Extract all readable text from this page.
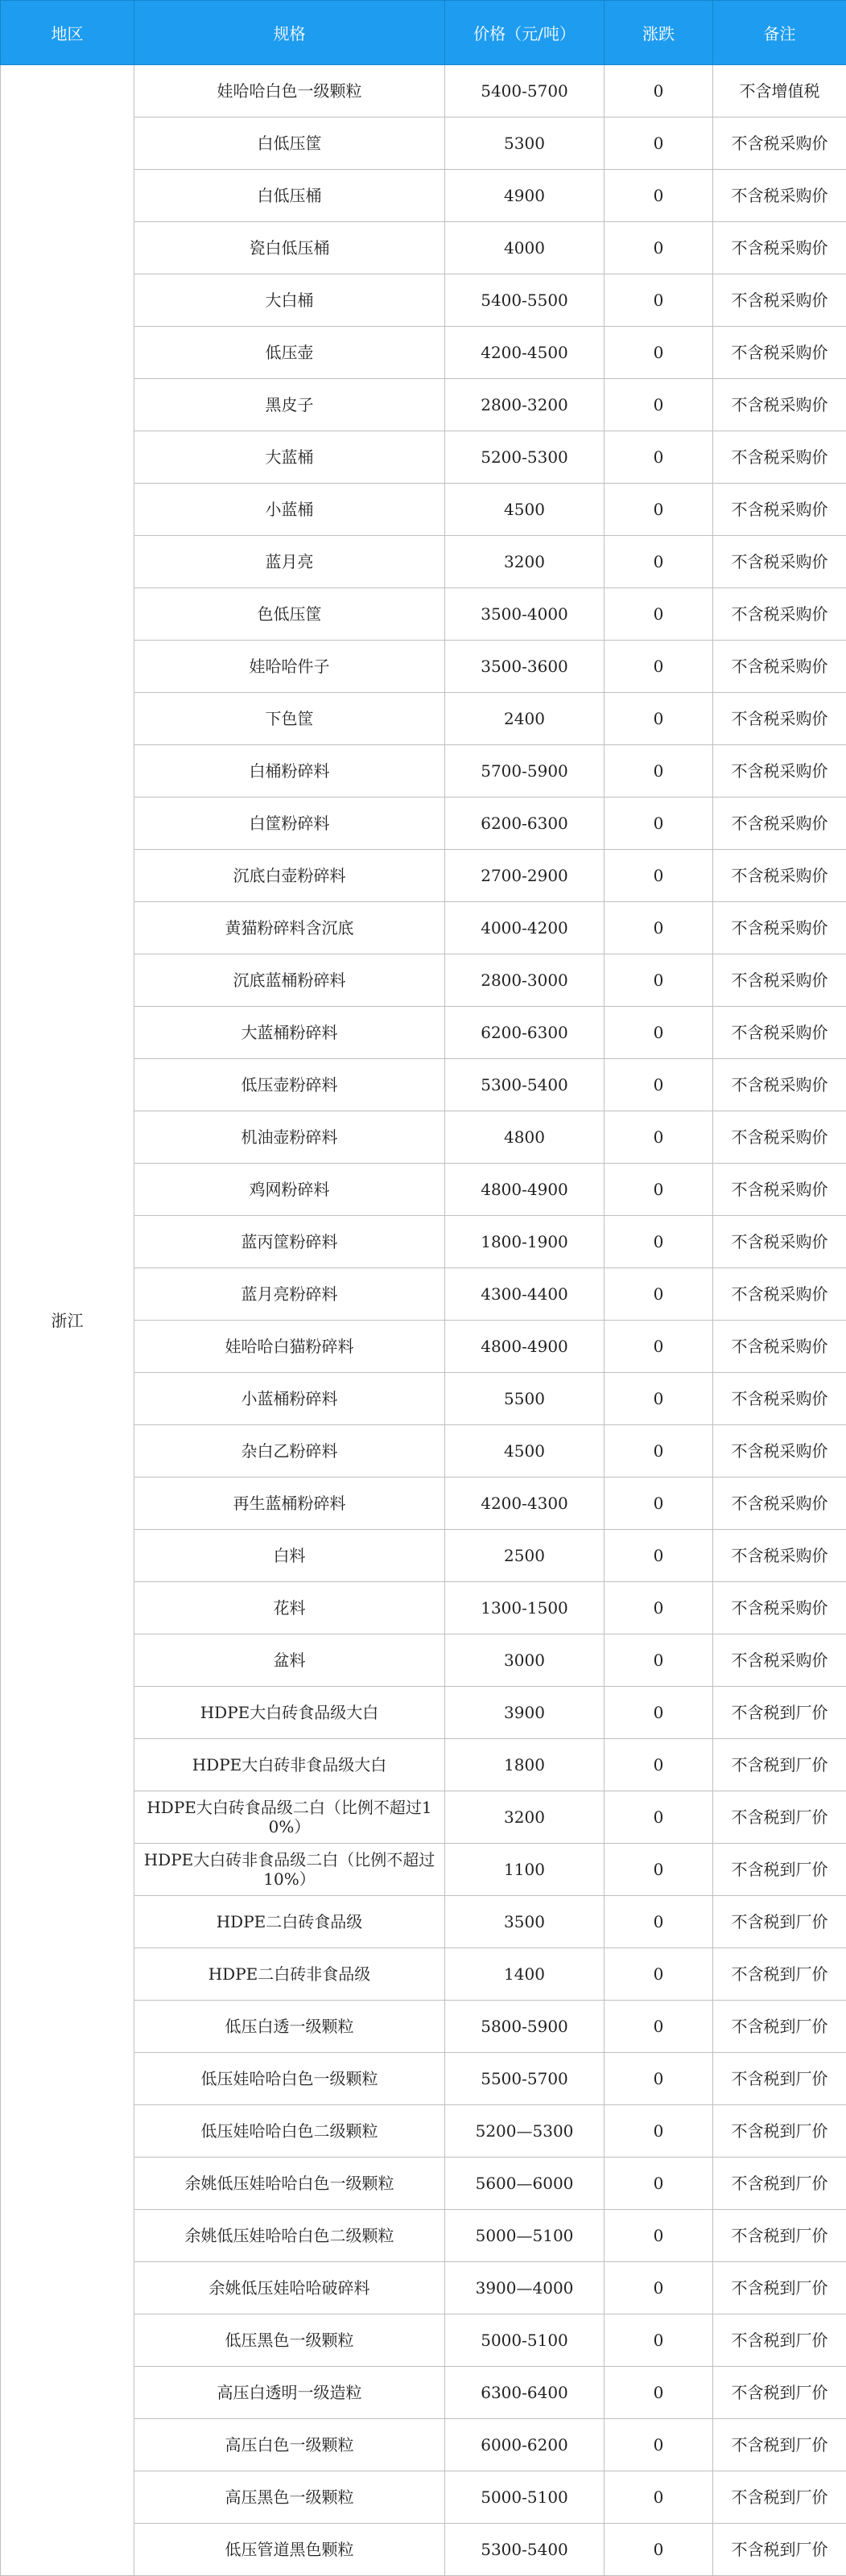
地区	规格	价格（元/吨）	涨跌	备注
浙江	娃哈哈白色一级颗粒	5400-5700	0	不含增值税
	白低压筐	5300	0	不含税采购价
	白低压桶	4900	0	不含税采购价
	瓷白低压桶	4000	0	不含税采购价
	大白桶	5400-5500	0	不含税采购价
	低压壶	4200-4500	0	不含税采购价
	黑皮子	2800-3200	0	不含税采购价
	大蓝桶	5200-5300	0	不含税采购价
	小蓝桶	4500	0	不含税采购价
	蓝月亮	3200	0	不含税采购价
	色低压筐	3500-4000	0	不含税采购价
	娃哈哈件子	3500-3600	0	不含税采购价
	下色筐	2400	0	不含税采购价
	白桶粉碎料	5700-5900	0	不含税采购价
	白筐粉碎料	6200-6300	0	不含税采购价
	沉底白壶粉碎料	2700-2900	0	不含税采购价
	黄猫粉碎料含沉底	4000-4200	0	不含税采购价
	沉底蓝桶粉碎料	2800-3000	0	不含税采购价
	大蓝桶粉碎料	6200-6300	0	不含税采购价
	低压壶粉碎料	5300-5400	0	不含税采购价
	机油壶粉碎料	4800	0	不含税采购价
	鸡网粉碎料	4800-4900	0	不含税采购价
	蓝丙筐粉碎料	1800-1900	0	不含税采购价
	蓝月亮粉碎料	4300-4400	0	不含税采购价
	娃哈哈白猫粉碎料	4800-4900	0	不含税采购价
	小蓝桶粉碎料	5500	0	不含税采购价
	杂白乙粉碎料	4500	0	不含税采购价
	再生蓝桶粉碎料	4200-4300	0	不含税采购价
	白料	2500	0	不含税采购价
	花料	1300-1500	0	不含税采购价
	盆料	3000	0	不含税采购价
	HDPE大白砖食品级大白	3900	0	不含税到厂价
	HDPE大白砖非食品级大白	1800	0	不含税到厂价
	HDPE大白砖食品级二白（比例不超过10%）	3200	0	不含税到厂价
	HDPE大白砖非食品级二白（比例不超过10%）	1100	0	不含税到厂价
	HDPE二白砖食品级	3500	0	不含税到厂价
	HDPE二白砖非食品级	1400	0	不含税到厂价
	低压白透一级颗粒	5800-5900	0	不含税到厂价
	低压娃哈哈白色一级颗粒	5500-5700	0	不含税到厂价
	低压娃哈哈白色二级颗粒	5200—5300	0	不含税到厂价
	余姚低压娃哈哈白色一级颗粒	5600—6000	0	不含税到厂价
	余姚低压娃哈哈白色二级颗粒	5000—5100	0	不含税到厂价
	余姚低压娃哈哈破碎料	3900—4000	0	不含税到厂价
	低压黑色一级颗粒	5000-5100	0	不含税到厂价
	高压白透明一级造粒	6300-6400	0	不含税到厂价
	高压白色一级颗粒	6000-6200	0	不含税到厂价
	高压黑色一级颗粒	5000-5100	0	不含税到厂价
	低压管道黑色颗粒	5300-5400	0	不含税到厂价
